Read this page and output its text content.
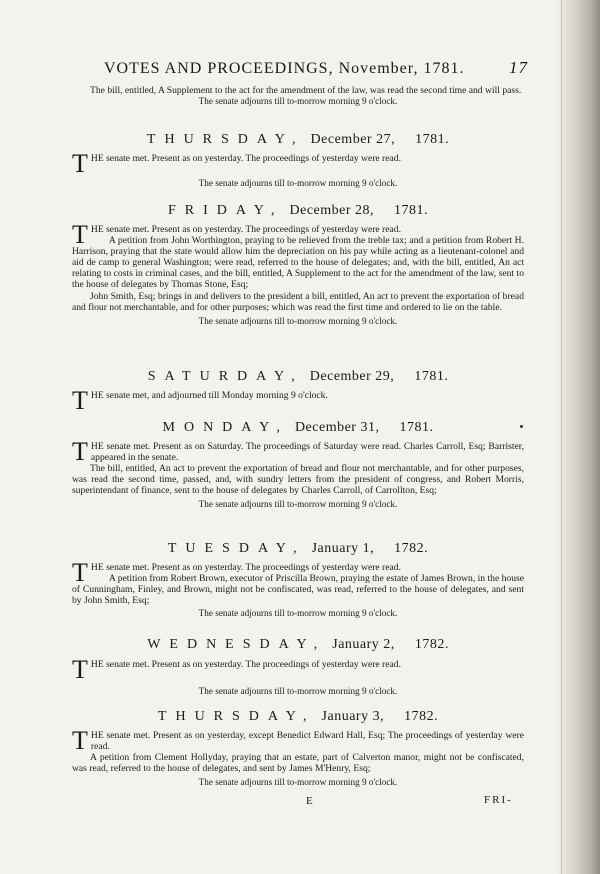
VOTES AND PROCEEDINGS, November, 1781.	17
The bill, entitled, A Supplement to the act for the amendment of the law, was read the second time and will pass.
The senate adjourns till to-morrow morning 9 o'clock.
THURSDAY, December 27, 1781.
THE senate met. Present as on yesterday. The proceedings of yesterday were read.
The senate adjourns till to-morrow morning 9 o'clock.
FRIDAY, December 28, 1781.
THE senate met. Present as on yesterday. The proceedings of yesterday were read.
A petition from John Worthington, praying to be relieved from the treble tax; and a petition from Robert H. Harrison, praying that the state would allow him the depreciation on his pay while acting as a lieutenant-colonel and aid de camp to general Washington; were read, referred to the house of delegates; and, with the bill, entitled, An act relating to costs in criminal cases, and the bill, entitled, A Supplement to the act for the amendment of the law, sent to the house of delegates by Thomas Stone, Esq;
John Smith, Esq; brings in and delivers to the president a bill, entitled, An act to prevent the exportation of bread and flour not merchantable, and for other purposes; which was read the first time and ordered to lie on the table.
The senate adjourns till to-morrow morning 9 o'clock.
SATURDAY, December 29, 1781.
THE senate met, and adjourned till Monday morning 9 o'clock.
MONDAY, December 31, 1781.
THE senate met. Present as on Saturday. The proceedings of Saturday were read. Charles Carroll, Esq; Barrister, appeared in the senate.
The bill, entitled, An act to prevent the exportation of bread and flour not merchantable, and for other purposes, was read the second time, passed, and, with sundry letters from the president of congress, and Robert Morris, superintendant of finance, sent to the house of delegates by Charles Carroll, of Carrollton, Esq;
The senate adjourns till to-morrow morning 9 o'clock.
TUESDAY, January 1, 1782.
THE senate met. Present as on yesterday. The proceedings of yesterday were read.
A petition from Robert Brown, executor of Priscilla Brown, praying the estate of James Brown, in the house of Cunningham, Finley, and Brown, might not be confiscated, was read, referred to the house of delegates, and sent by John Smith, Esq;
The senate adjourns till to-morrow morning 9 o'clock.
WEDNESDAY, January 2, 1782.
THE senate met. Present as on yesterday. The proceedings of yesterday were read.
The senate adjourns till to-morrow morning 9 o'clock.
THURSDAY, January 3, 1782.
THE senate met. Present as on yesterday, except Benedict Edward Hall, Esq; The proceedings of yesterday were read.
A petition from Clement Hollyday, praying that an estate, part of Calverton manor, might not be confiscated, was read, referred to the house of delegates, and sent by James M'Henry, Esq;
The senate adjourns till to-morrow morning 9 o'clock.
E	FRI-
